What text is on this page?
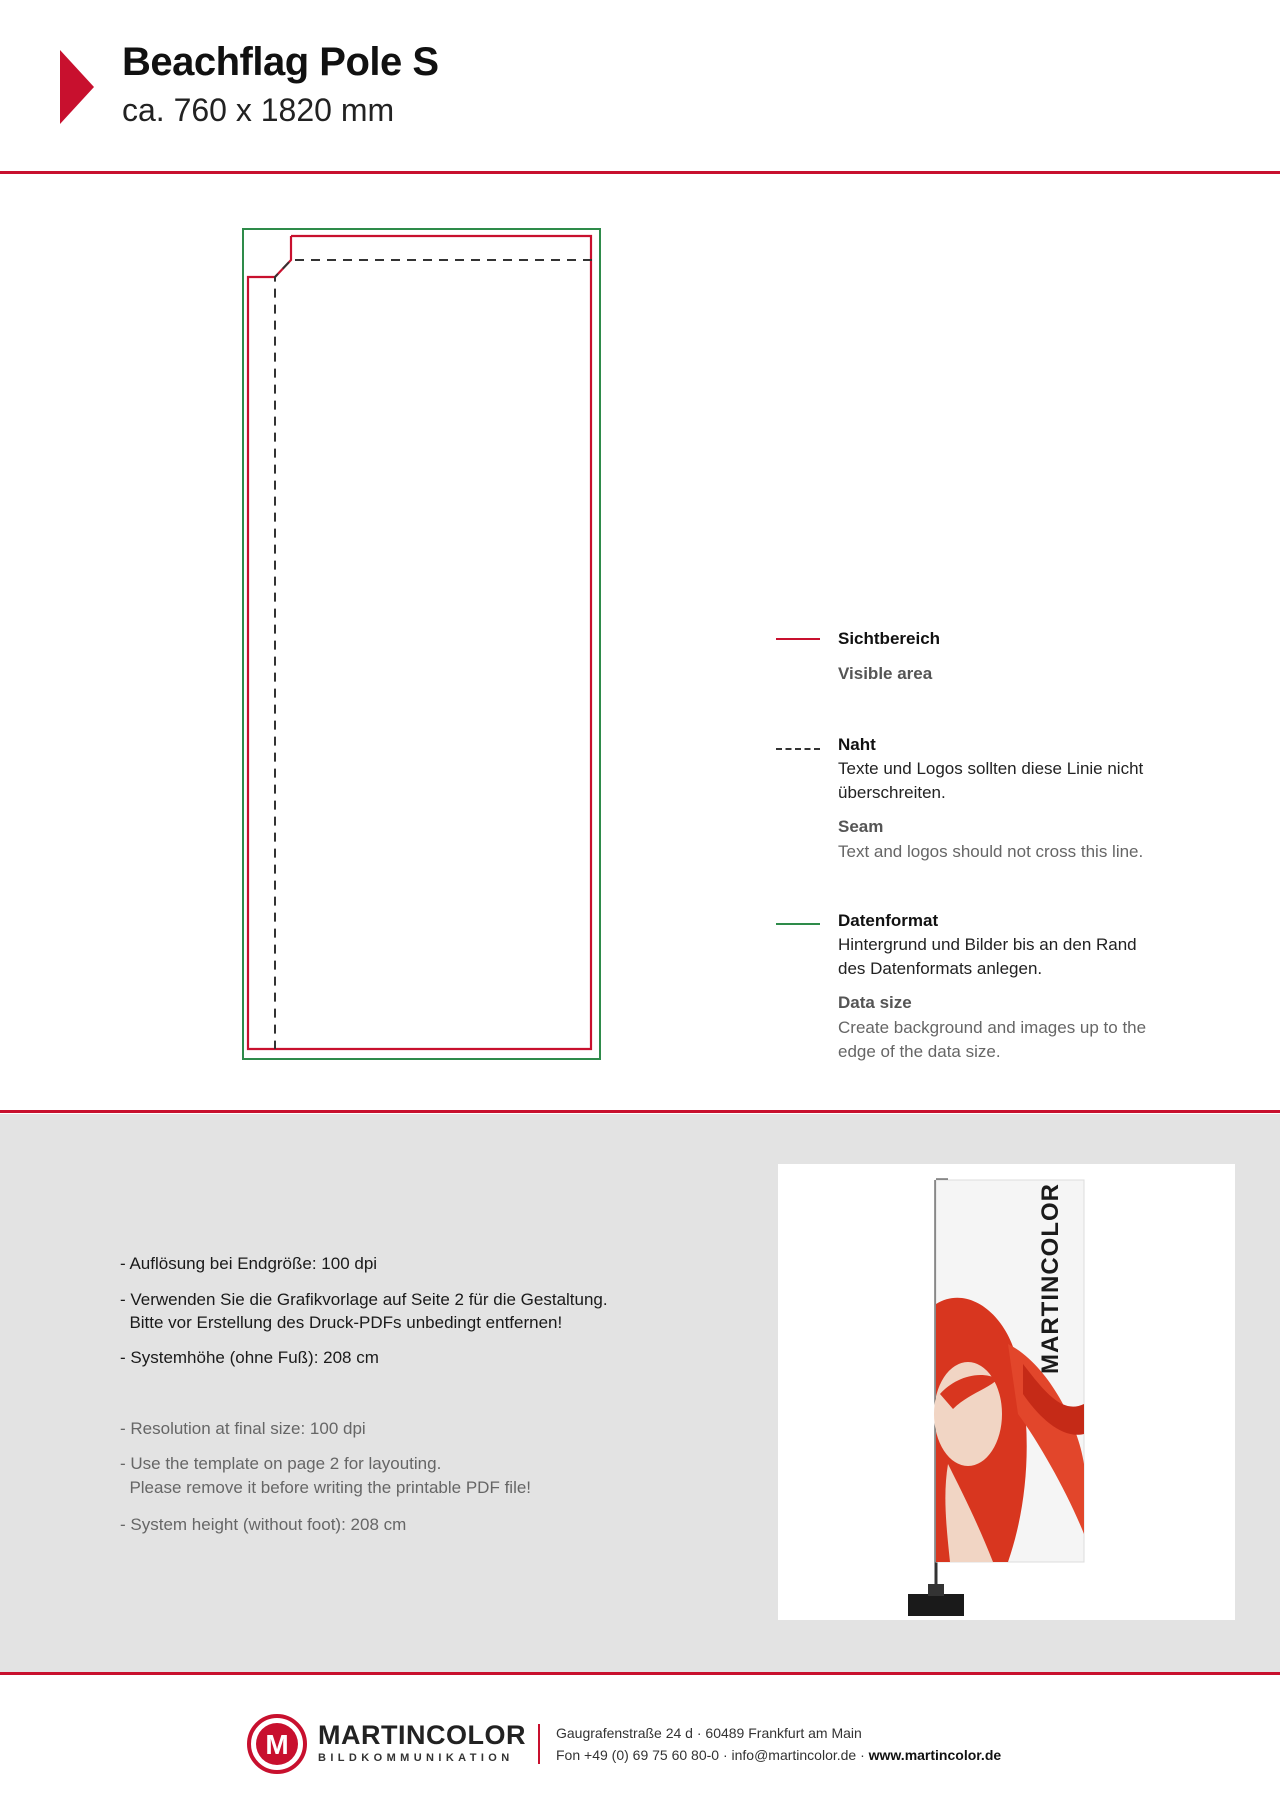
Beachflag Pole S
ca. 760 x 1820 mm
Sichtbereich
Visible area
Naht
Texte und Logos sollten diese Linie nicht überschreiten.
Seam
Text and logos should not cross this line.
Datenformat
Hintergrund und Bilder bis an den Rand des Datenformats anlegen.
Data size
Create background and images up to the edge of the data size.
- Auflösung bei Endgröße: 100 dpi
- Verwenden Sie die Grafikvorlage auf Seite 2 für die Gestaltung.
Bitte vor Erstellung des Druck-PDFs unbedingt entfernen!
- Systemhöhe (ohne Fuß): 208 cm
- Resolution at final size: 100 dpi
- Use the template on page 2 for layouting.
Please remove it before writing the printable PDF file!
- System height (without foot): 208 cm
MARTINCOLOR
M MARTINCOLOR
BILDKOMMUNIKATION
Gaugrafenstraße 24 d · 60489 Frankfurt am Main
Fon +49 (0) 69 75 60 80-0 · info@martincolor.de · www.martincolor.de
